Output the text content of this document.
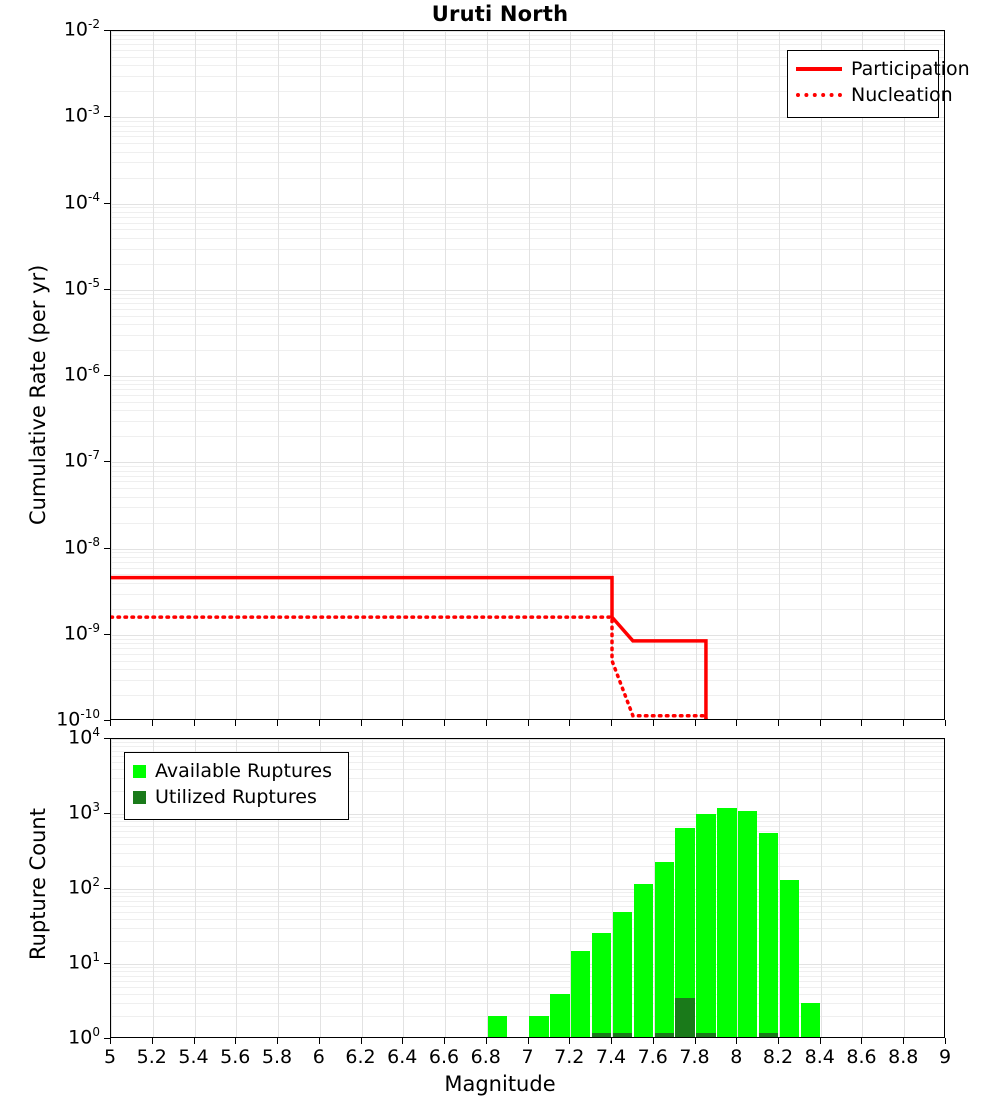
Uruti North
Cumulative Rate (per yr)
Participation
Nucleation
Rupture Count
Available Ruptures
Utilized Ruptures
Magnitude
$10^{-10}$
$10^{-9}$
$10^{-8}$
$10^{-7}$
$10^{-6}$
$10^{-5}$
$10^{-4}$
$10^{-3}$
$10^{-2}$
$10^0$
$10^1$
$10^2$
$10^3$
$10^4$
5	5.2 5.4 5.6 5.8	6	6.2 6.4 6.6 6.8	7	7.2 7.4 7.6 7.8	8	8.2 8.4 8.6 8.8	9
